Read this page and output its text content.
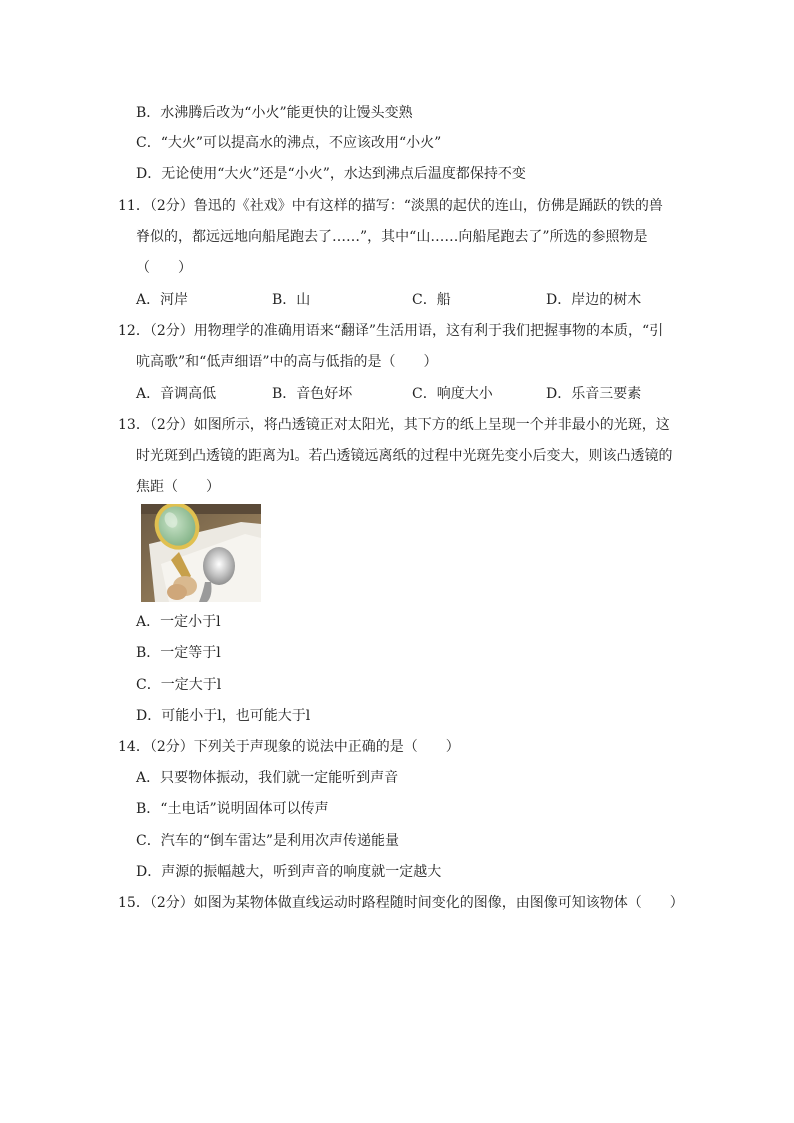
B．水沸腾后改为“小火”能更快的让馒头变熟
C．“大火”可以提高水的沸点，不应该改用“小火”
D．无论使用“大火”还是“小火”，水达到沸点后温度都保持不变
11．（2分）鲁迅的《社戏》中有这样的描写：“淡黑的起伏的连山，仿佛是踊跃的铁的兽
脊似的，都远远地向船尾跑去了……”，其中“山……向船尾跑去了”所选的参照物是
（　　）
A．河岸	B．山	C．船	D．岸边的树木
12．（2分）用物理学的准确用语来“翻译”生活用语，这有利于我们把握事物的本质，“引
吭高歌”和“低声细语”中的高与低指的是（　　）
A．音调高低	B．音色好坏	C．响度大小	D．乐音三要素
13．（2分）如图所示，将凸透镜正对太阳光，其下方的纸上呈现一个并非最小的光斑，这
时光斑到凸透镜的距离为l。若凸透镜远离纸的过程中光斑先变小后变大，则该凸透镜的
焦距（　　）
A．一定小于l
B．一定等于l
C．一定大于l
D．可能小于l，也可能大于l
14．（2分）下列关于声现象的说法中正确的是（　　）
A．只要物体振动，我们就一定能听到声音
B．“土电话”说明固体可以传声
C．汽车的“倒车雷达”是利用次声传递能量
D．声源的振幅越大，听到声音的响度就一定越大
15．（2分）如图为某物体做直线运动时路程随时间变化的图像，由图像可知该物体（　　）
